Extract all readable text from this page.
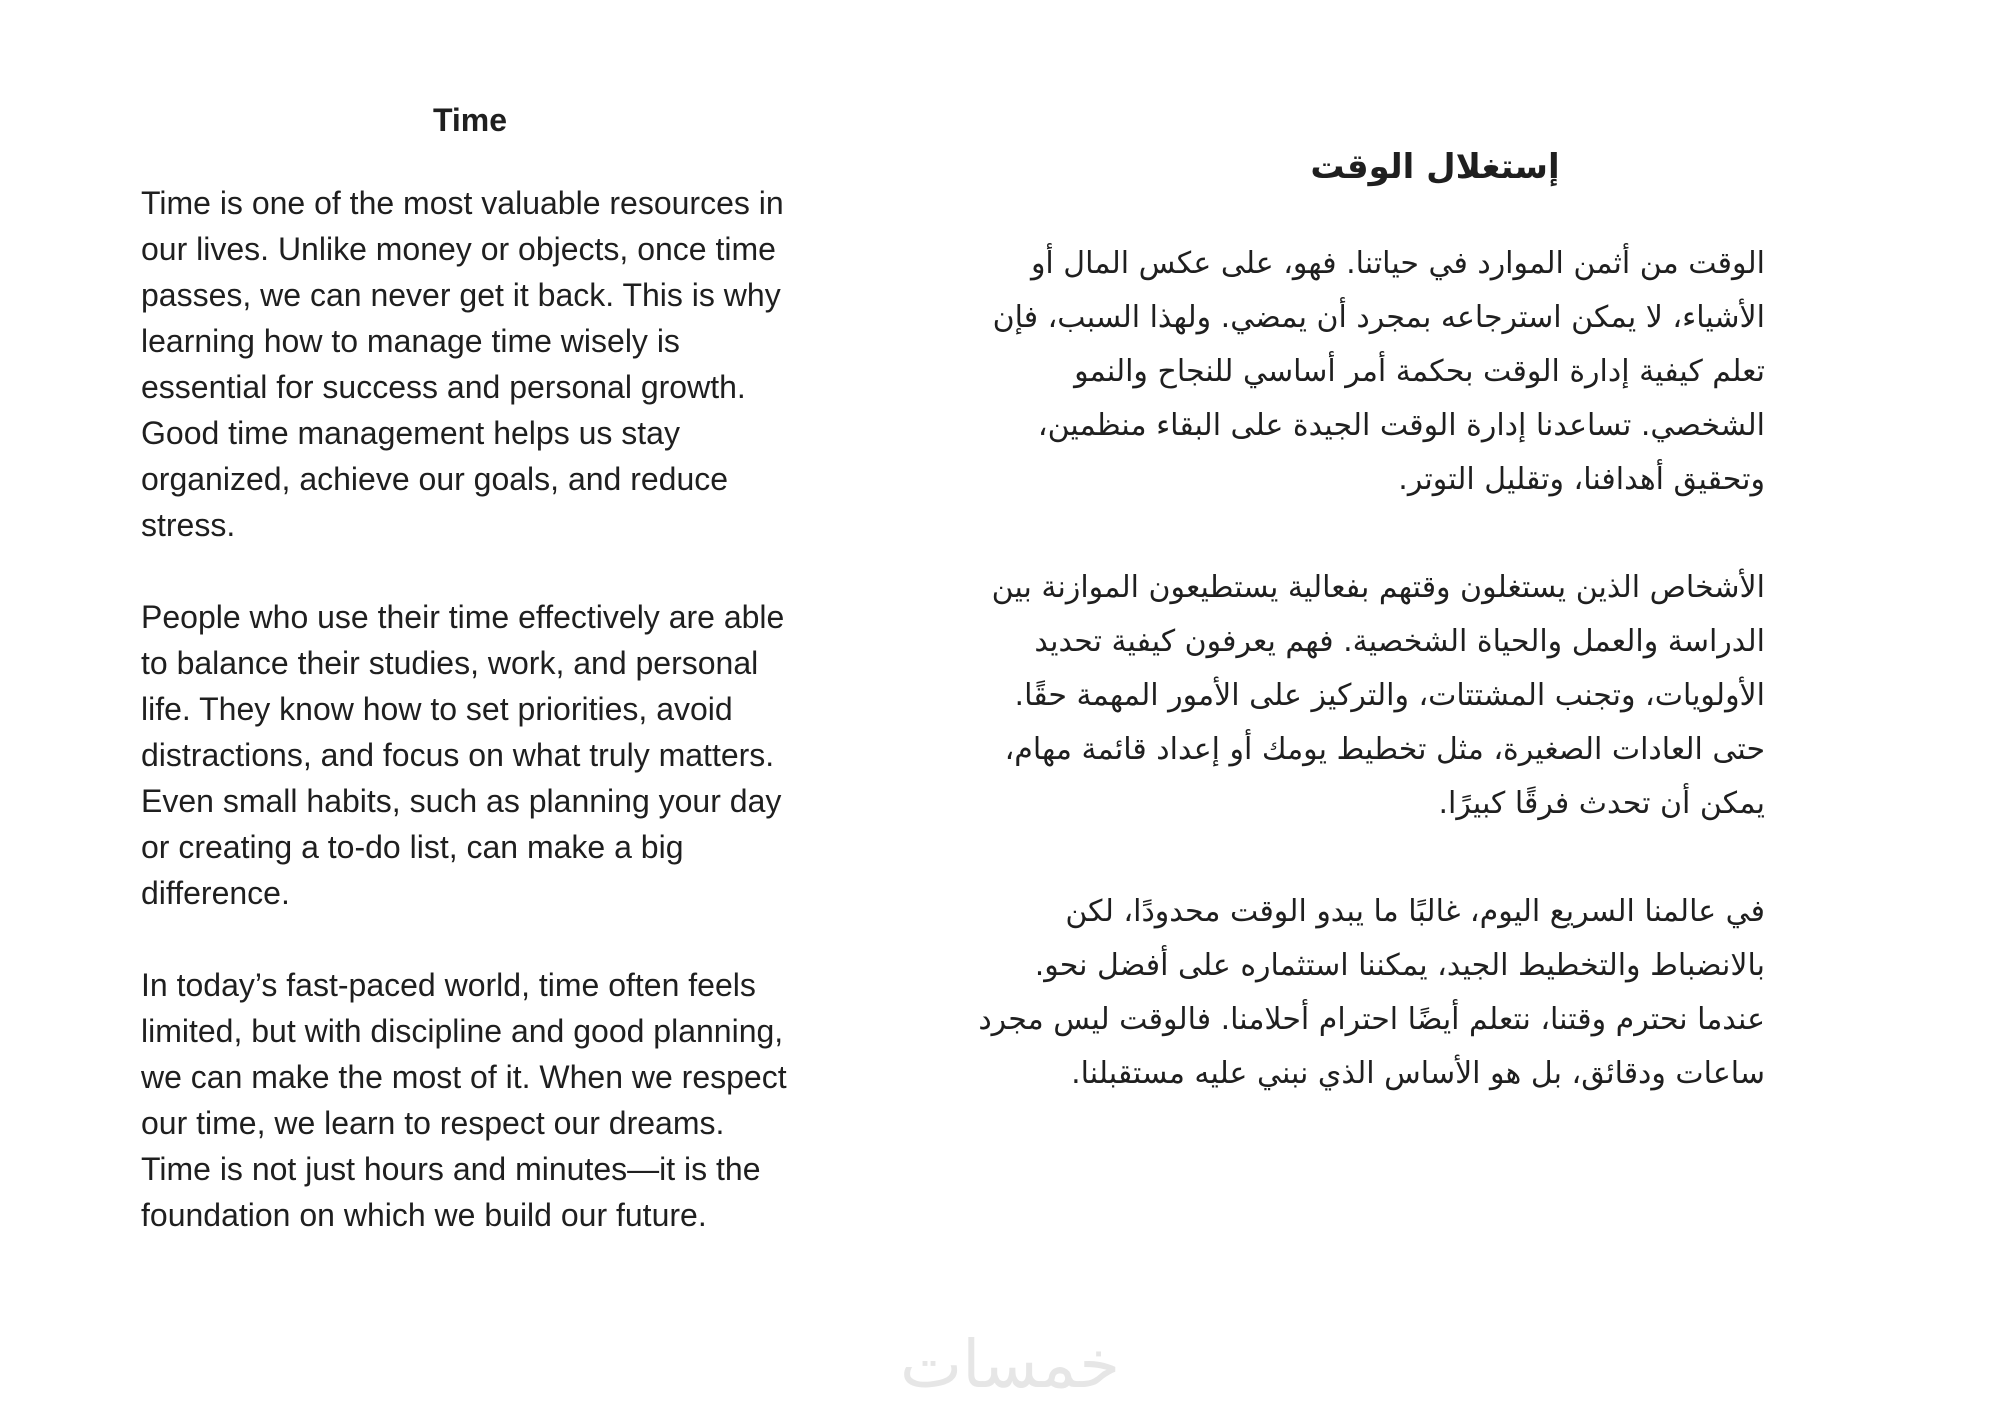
Time

Time is one of the most valuable resources in our lives. Unlike money or objects, once time passes, we can never get it back. This is why learning how to manage time wisely is essential for success and personal growth. Good time management helps us stay organized, achieve our goals, and reduce stress.

People who use their time effectively are able to balance their studies, work, and personal life. They know how to set priorities, avoid distractions, and focus on what truly matters. Even small habits, such as planning your day or creating a to-do list, can make a big difference.

In today’s fast-paced world, time often feels limited, but with discipline and good planning, we can make the most of it. When we respect our time, we learn to respect our dreams. Time is not just hours and minutes—it is the foundation on which we build our future.

إستغلال الوقت

الوقت من أثمن الموارد في حياتنا. فهو، على عكس المال أو الأشياء، لا يمكن استرجاعه بمجرد أن يمضي. ولهذا السبب، فإن تعلم كيفية إدارة الوقت بحكمة أمر أساسي للنجاح والنمو الشخصي. تساعدنا إدارة الوقت الجيدة على البقاء منظمين، وتحقيق أهدافنا، وتقليل التوتر.

الأشخاص الذين يستغلون وقتهم بفعالية يستطيعون الموازنة بين الدراسة والعمل والحياة الشخصية. فهم يعرفون كيفية تحديد الأولويات، وتجنب المشتتات، والتركيز على الأمور المهمة حقًا. حتى العادات الصغيرة، مثل تخطيط يومك أو إعداد قائمة مهام، يمكن أن تحدث فرقًا كبيرًا.

في عالمنا السريع اليوم، غالبًا ما يبدو الوقت محدودًا، لكن بالانضباط والتخطيط الجيد، يمكننا استثماره على أفضل نحو. عندما نحترم وقتنا، نتعلم أيضًا احترام أحلامنا. فالوقت ليس مجرد ساعات ودقائق، بل هو الأساس الذي نبني عليه مستقبلنا.

خمسات
